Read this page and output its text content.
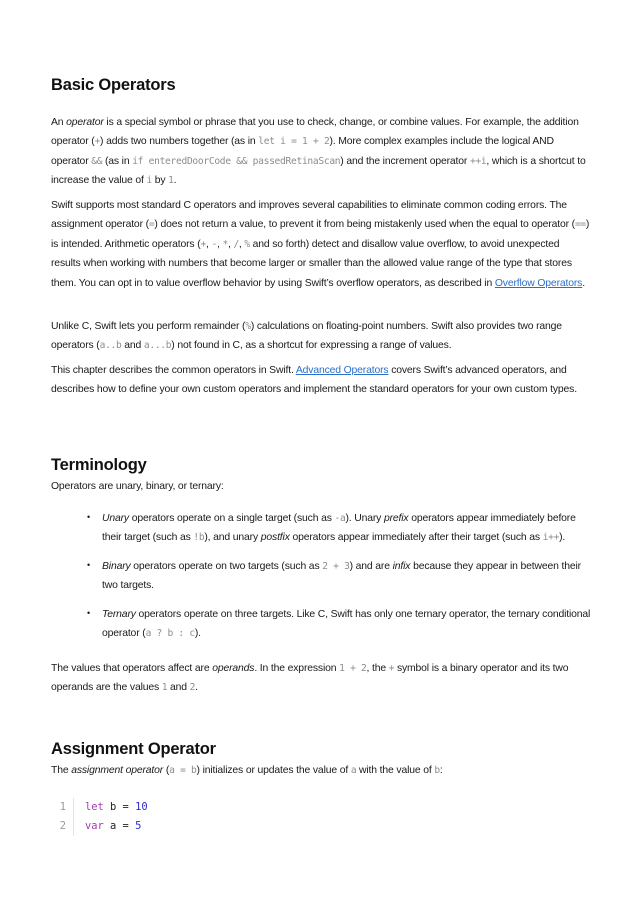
Basic Operators

An operator is a special symbol or phrase that you use to check, change, or combine values. For example, the addition operator (+) adds two numbers together (as in let i = 1 + 2). More complex examples include the logical AND operator && (as in if enteredDoorCode && passedRetinaScan) and the increment operator ++i, which is a shortcut to increase the value of i by 1.

Swift supports most standard C operators and improves several capabilities to eliminate common coding errors. The assignment operator (=) does not return a value, to prevent it from being mistakenly used when the equal to operator (==) is intended. Arithmetic operators (+, -, *, /, % and so forth) detect and disallow value overflow, to avoid unexpected results when working with numbers that become larger or smaller than the allowed value range of the type that stores them. You can opt in to value overflow behavior by using Swift’s overflow operators, as described in Overflow Operators.

Unlike C, Swift lets you perform remainder (%) calculations on floating-point numbers. Swift also provides two range operators (a..b and a...b) not found in C, as a shortcut for expressing a range of values.

This chapter describes the common operators in Swift. Advanced Operators covers Swift’s advanced operators, and describes how to define your own custom operators and implement the standard operators for your own custom types.

Terminology

Operators are unary, binary, or ternary:

• Unary operators operate on a single target (such as -a). Unary prefix operators appear immediately before their target (such as !b), and unary postfix operators appear immediately after their target (such as i++).
• Binary operators operate on two targets (such as 2 + 3) and are infix because they appear in between their two targets.
• Ternary operators operate on three targets. Like C, Swift has only one ternary operator, the ternary conditional operator (a ? b : c).

The values that operators affect are operands. In the expression 1 + 2, the + symbol is a binary operator and its two operands are the values 1 and 2.

Assignment Operator

The assignment operator (a = b) initializes or updates the value of a with the value of b:

1	let b = 10
2	var a = 5
